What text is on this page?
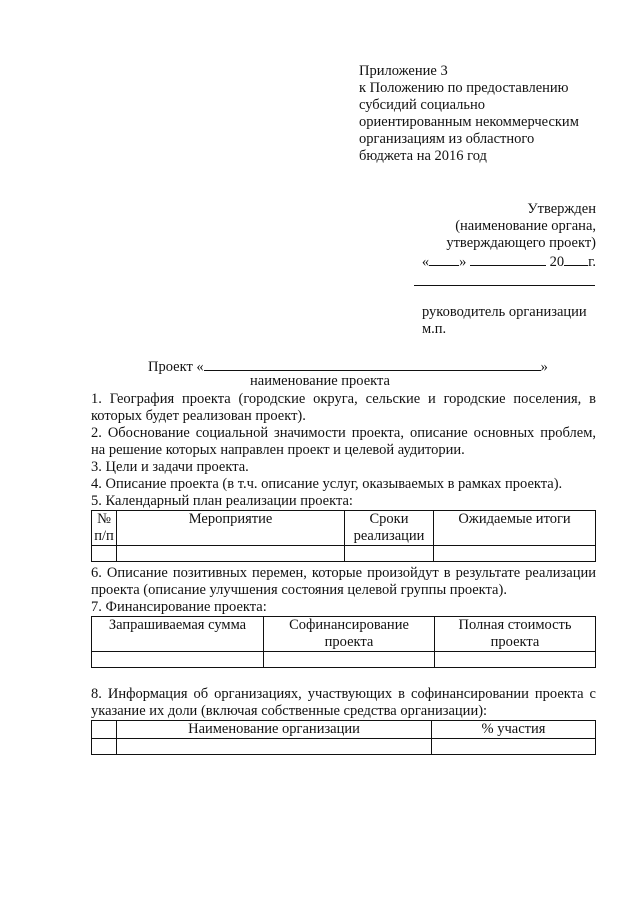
Приложение 3
к Положению по предоставлению
субсидий социально
ориентированным некоммерческим
организациям из областного
бюджета на 2016 год
Утвержден
(наименование органа,
утверждающего проект)
« »	20 г.
руководитель организации
м.п.
Проект «	»
наименование проекта

1. География проекта (городские округа, сельские и городские поселения, в которых будет реализован проект).

2. Обоснование социальной значимости проекта, описание основных проблем, на решение которых направлен проект и целевой аудитории.

3. Цели и задачи проекта.

4. Описание проекта (в т.ч. описание услуг, оказываемых в рамках проекта).

5. Календарный план реализации проекта:

№ п/п	Мероприятие	Сроки реализации	Ожидаемые итоги

6. Описание позитивных перемен, которые произойдут в результате реализации проекта (описание улучшения состояния целевой группы проекта).

7. Финансирование проекта:

Запрашиваемая сумма	Софинансирование проекта	Полная стоимость проекта

8. Информация об организациях, участвующих в софинансировании проекта с указание их доли (включая собственные средства организации):

	Наименование организации	% участия
